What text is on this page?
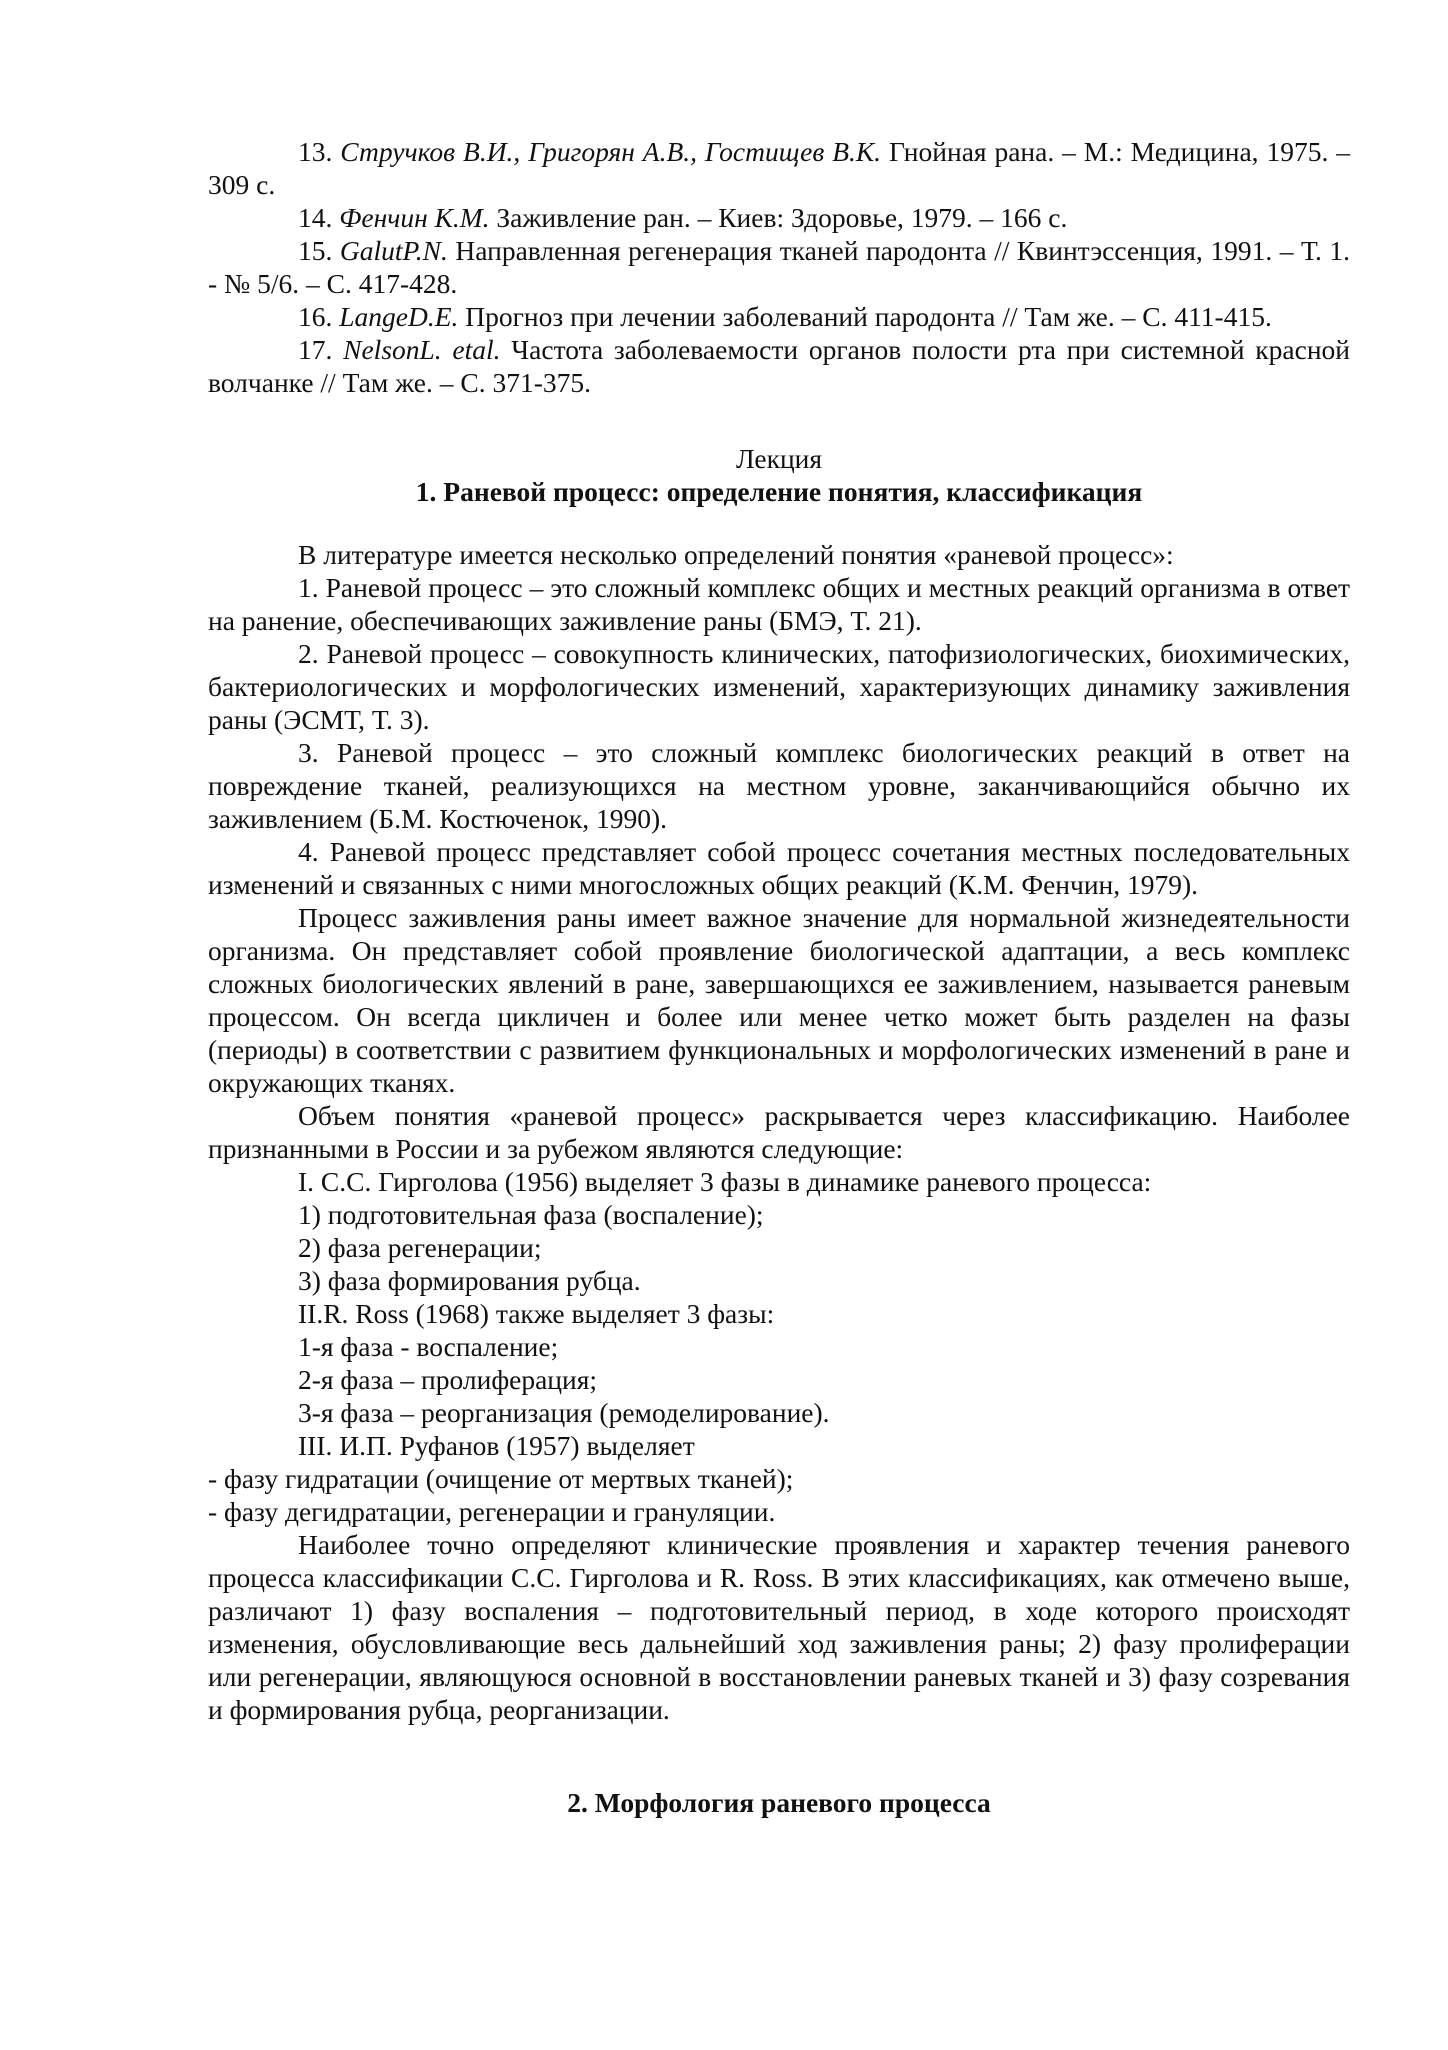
13. Стручков В.И., Григорян А.В., Гостищев В.К. Гнойная рана. – М.: Медицина, 1975. – 309 с.

14. Фенчин К.М. Заживление ран. – Киев: Здоровье, 1979. – 166 с.

15. GalutP.N. Направленная регенерация тканей пародонта // Квинтэссенция, 1991. – Т. 1. - № 5/6. – С. 417-428.

16. LangeD.E. Прогноз при лечении заболеваний пародонта // Там же. – С. 411-415.

17. NelsonL. etal. Частота заболеваемости органов полости рта при системной красной волчанке // Там же. – С. 371-375.

Лекция

1. Раневой процесс: определение понятия, классификация

В литературе имеется несколько определений понятия «раневой процесс»:

1. Раневой процесс – это сложный комплекс общих и местных реакций организма в ответ на ранение, обеспечивающих заживление раны (БМЭ, Т. 21).

2. Раневой процесс – совокупность клинических, патофизиологических, биохимических, бактериологических и морфологических изменений, характеризующих динамику заживления раны (ЭСМТ, Т. 3).

3. Раневой процесс – это сложный комплекс биологических реакций в ответ на повреждение тканей, реализующихся на местном уровне, заканчивающийся обычно их заживлением (Б.М. Костюченок, 1990).

4. Раневой процесс представляет собой процесс сочетания местных последовательных изменений и связанных с ними многосложных общих реакций (К.М. Фенчин, 1979).

Процесс заживления раны имеет важное значение для нормальной жизнедеятельности организма. Он представляет собой проявление биологической адаптации, а весь комплекс сложных биологических явлений в ране, завершающихся ее заживлением, называется раневым процессом. Он всегда цикличен и более или менее четко может быть разделен на фазы (периоды) в соответствии с развитием функциональных и морфологических изменений в ране и окружающих тканях.

Объем понятия «раневой процесс» раскрывается через классификацию. Наиболее признанными в России и за рубежом являются следующие:

I. С.С. Гирголова (1956) выделяет 3 фазы в динамике раневого процесса:

1) подготовительная фаза (воспаление);

2) фаза регенерации;

3) фаза формирования рубца.

II.R. Ross (1968) также выделяет 3 фазы:

1-я фаза - воспаление;

2-я фаза – пролиферация;

3-я фаза – реорганизация (ремоделирование).

III. И.П. Руфанов (1957) выделяет

- фазу гидратации (очищение от мертвых тканей);

- фазу дегидратации, регенерации и грануляции.

Наиболее точно определяют клинические проявления и характер течения раневого процесса классификации С.С. Гирголова и R. Ross. В этих классификациях, как отмечено выше, различают 1) фазу воспаления – подготовительный период, в ходе которого происходят изменения, обусловливающие весь дальнейший ход заживления раны; 2) фазу пролиферации или регенерации, являющуюся основной в восстановлении раневых тканей и 3) фазу созревания и формирования рубца, реорганизации.

2. Морфология раневого процесса
